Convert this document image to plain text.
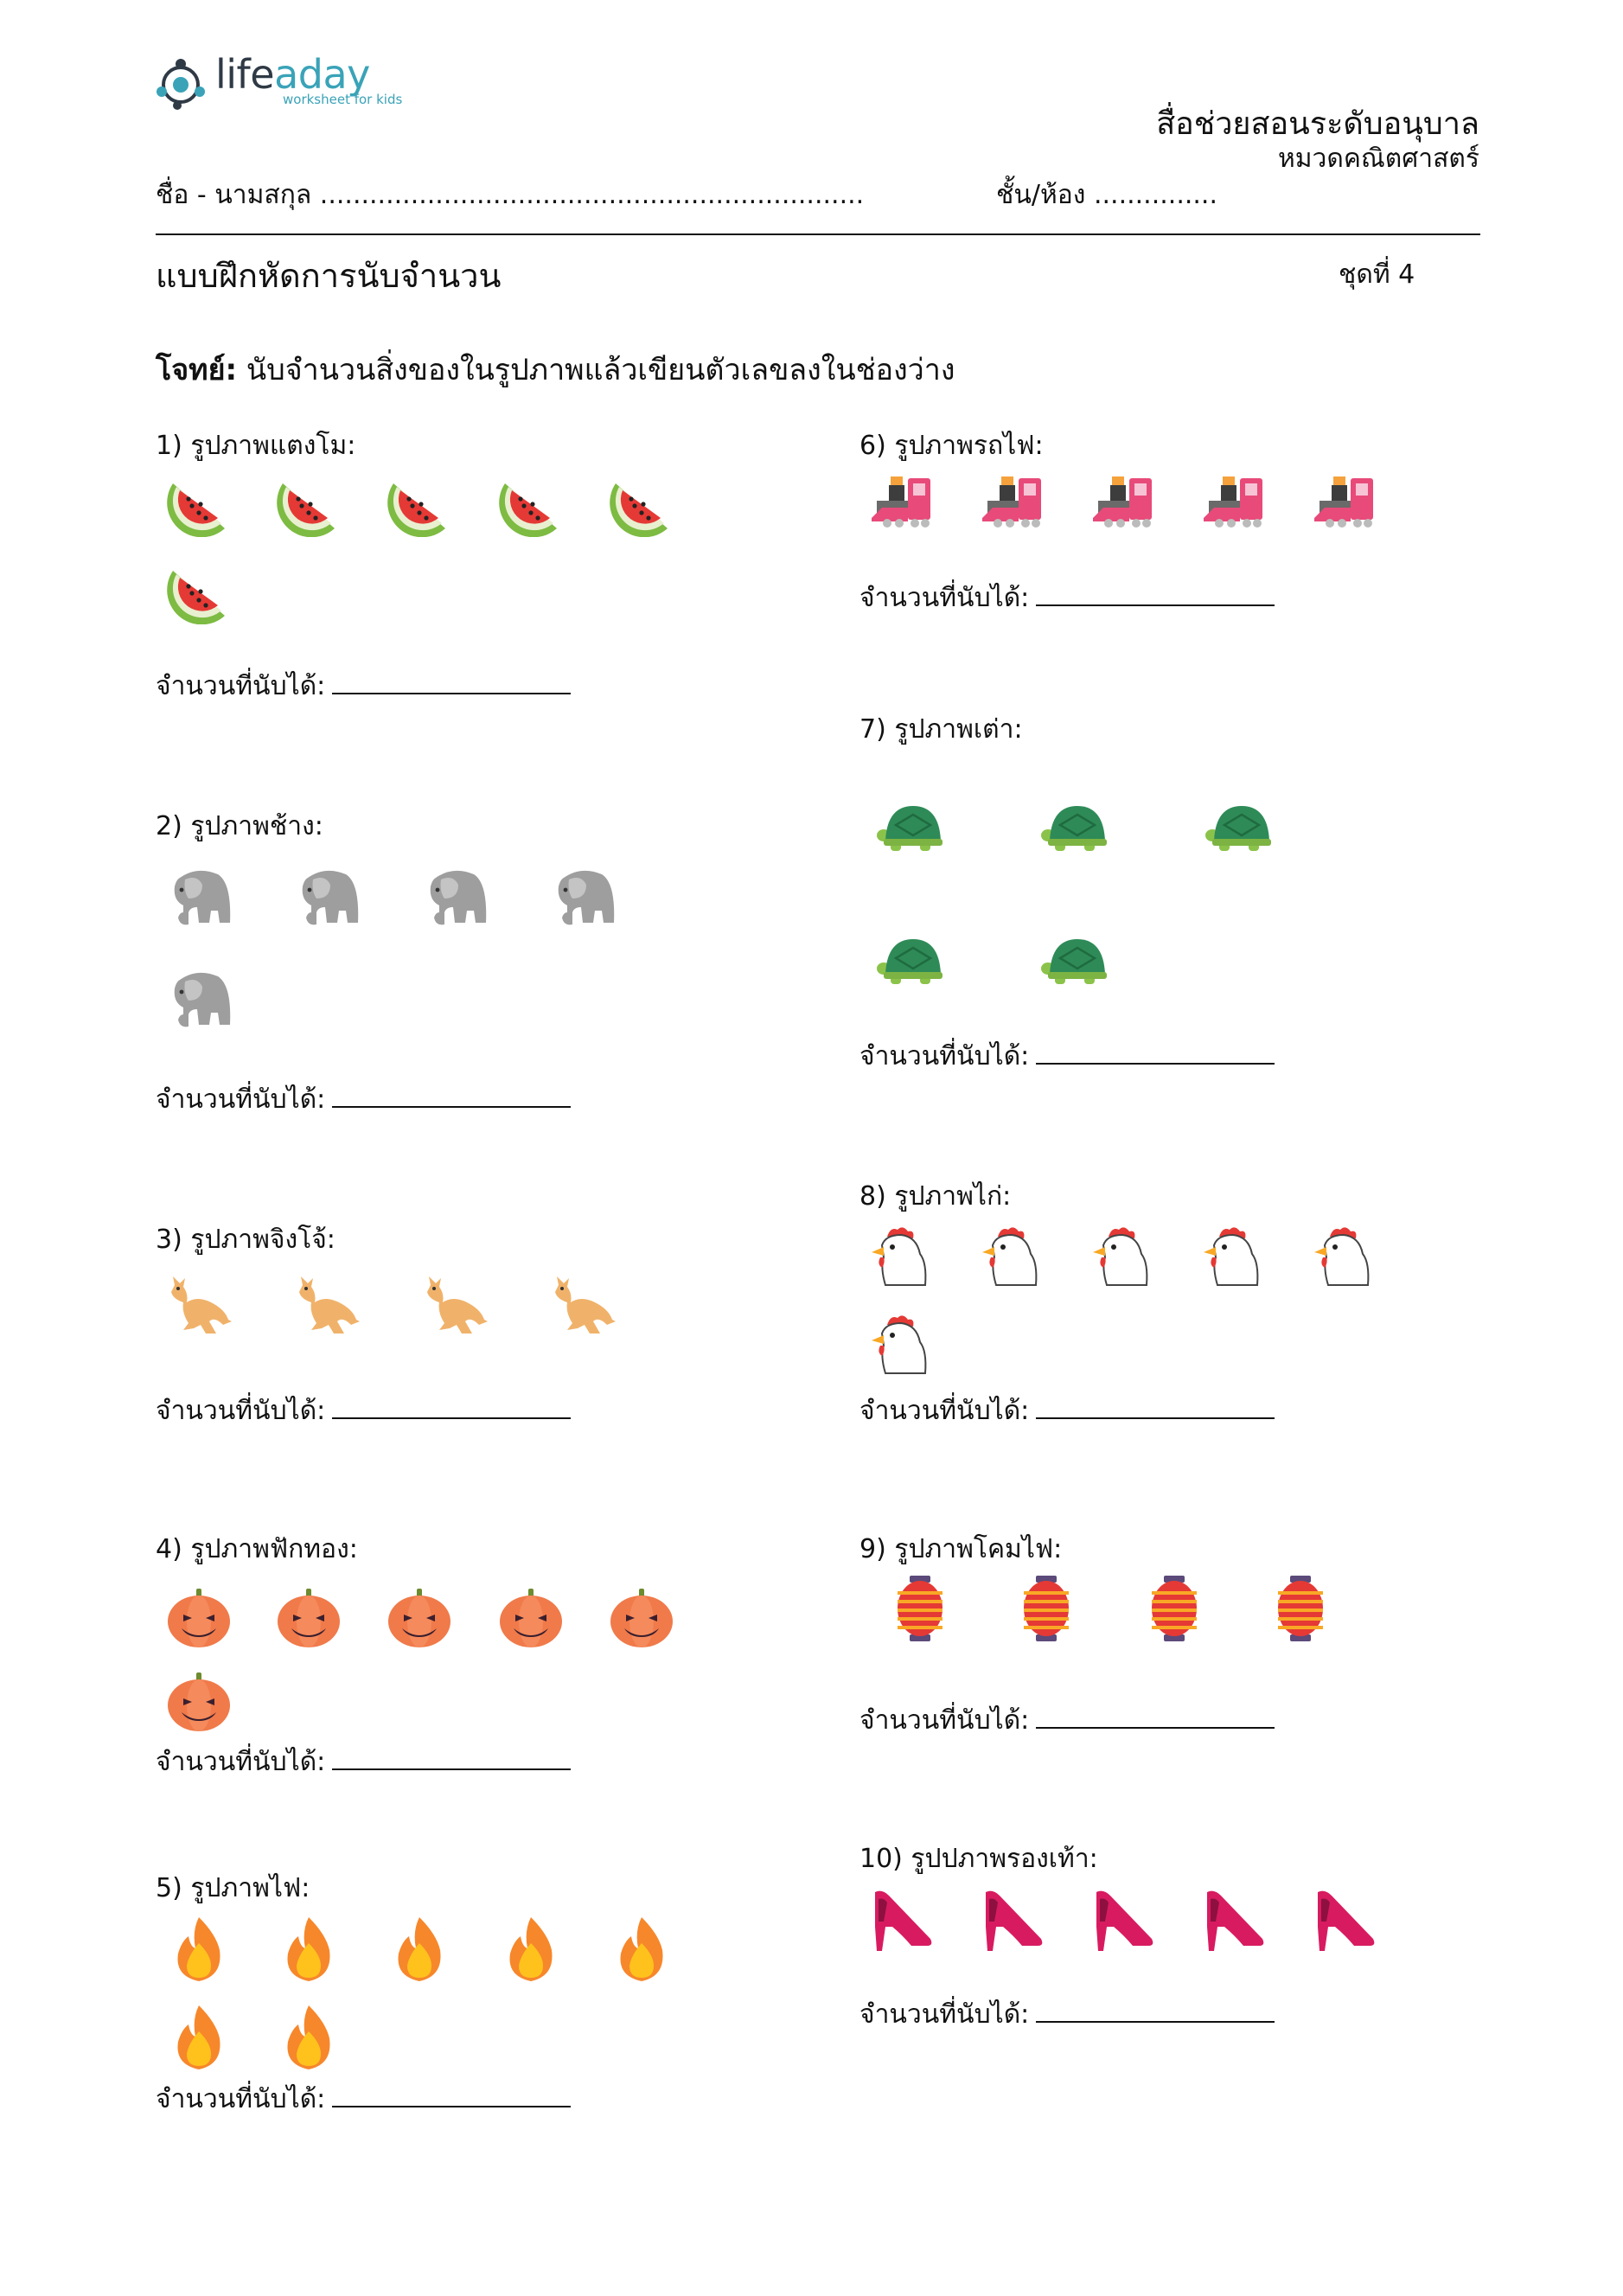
lifeaday
worksheet for kids
สื่อช่วยสอนระดับอนุบาล
หมวดคณิตศาสตร์
ชื่อ - นามสกุล ..................................................................	ชั้น/ห้อง ...............
แบบฝึกหัดการนับจำนวน	ชุดที่ 4
โจทย์: นับจำนวนสิ่งของในรูปภาพแล้วเขียนตัวเลขลงในช่องว่าง
1) รูปภาพแตงโม:
จำนวนที่นับได้:
2) รูปภาพช้าง:
จำนวนที่นับได้:
3) รูปภาพจิงโจ้:
จำนวนที่นับได้:
4) รูปภาพฟักทอง:
จำนวนที่นับได้:
5) รูปภาพไฟ:
จำนวนที่นับได้:
6) รูปภาพรถไฟ:
จำนวนที่นับได้:
7) รูปภาพเต่า:
จำนวนที่นับได้:
8) รูปภาพไก่:
จำนวนที่นับได้:
9) รูปภาพโคมไฟ:
จำนวนที่นับได้:
10) รูปปภาพรองเท้า:
จำนวนที่นับได้:
